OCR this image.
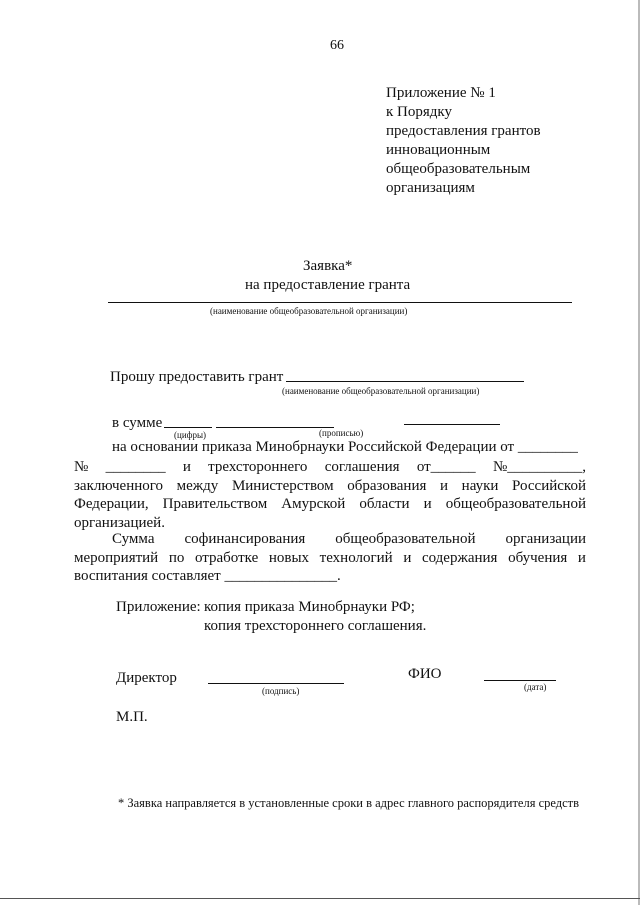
66
Приложение № 1
к Порядку
предоставления грантов
инновационным
общеобразовательным
организациям
Заявка*
на предоставление гранта
(наименование общеобразовательной организации)
Прошу предоставить грант
(наименование общеобразовательной организации)
в сумме
(цифры)	(прописью)
на основании приказа Минобрнауки Российской Федерации от ________
№ ________ и трехстороннего соглашения от______ №__________,
заключенного между Министерством образования и науки Российской
Федерации, Правительством Амурской области и общеобразовательной
организацией.
Сумма софинансирования общеобразовательной организации
мероприятий по отработке новых технологий и содержания обучения и
воспитания составляет _______________.
Приложение: копия приказа Минобрнауки РФ;
копия трехстороннего соглашения.
Директор
(подпись)
ФИО
(дата)
М.П.
* Заявка направляется в установленные сроки в адрес главного распорядителя средств
